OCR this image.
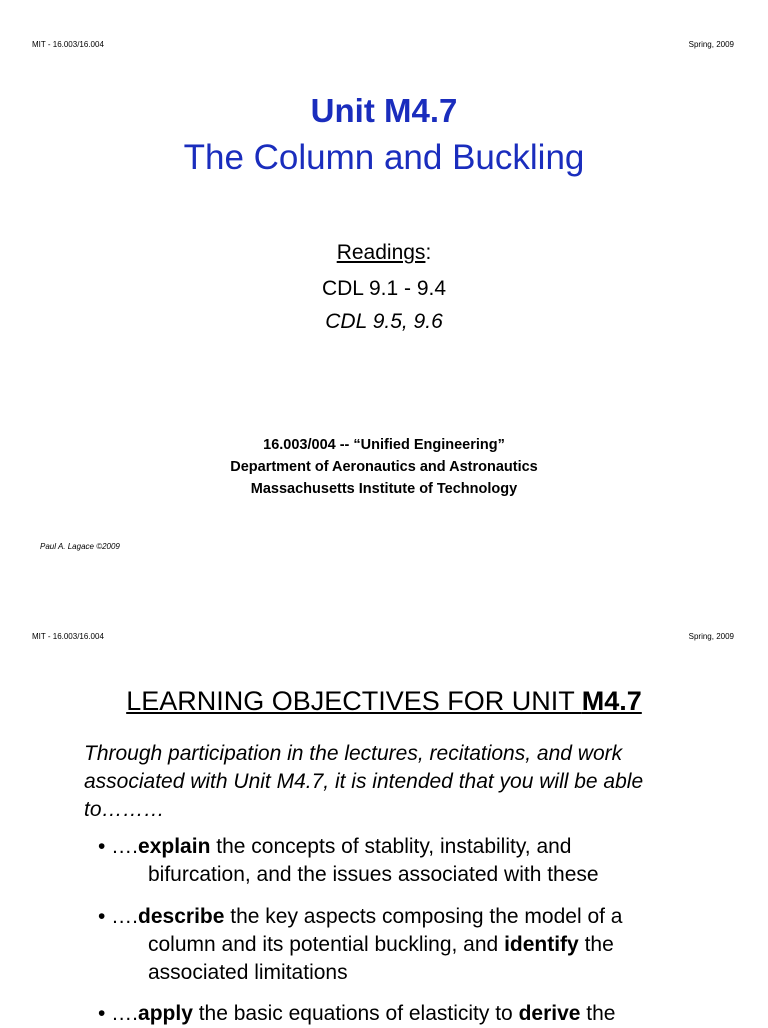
MIT - 16.003/16.004	Spring, 2009
Unit M4.7
The Column and Buckling
Readings:
CDL 9.1 - 9.4
CDL 9.5, 9.6
16.003/004 -- “Unified Engineering”
Department of Aeronautics and Astronautics
Massachusetts Institute of Technology
Paul A. Lagace ©2009
MIT - 16.003/16.004	Spring, 2009
LEARNING OBJECTIVES FOR UNIT M4.7
Through participation in the lectures, recitations, and work associated with Unit M4.7, it is intended that you will be able to………
• ….explain the concepts of stablity, instability, and
bifurcation, and the issues associated with these
• ….describe the key aspects composing the model of a
column and its potential buckling, and identify the
associated limitations
• ….apply the basic equations of elasticity to derive the
